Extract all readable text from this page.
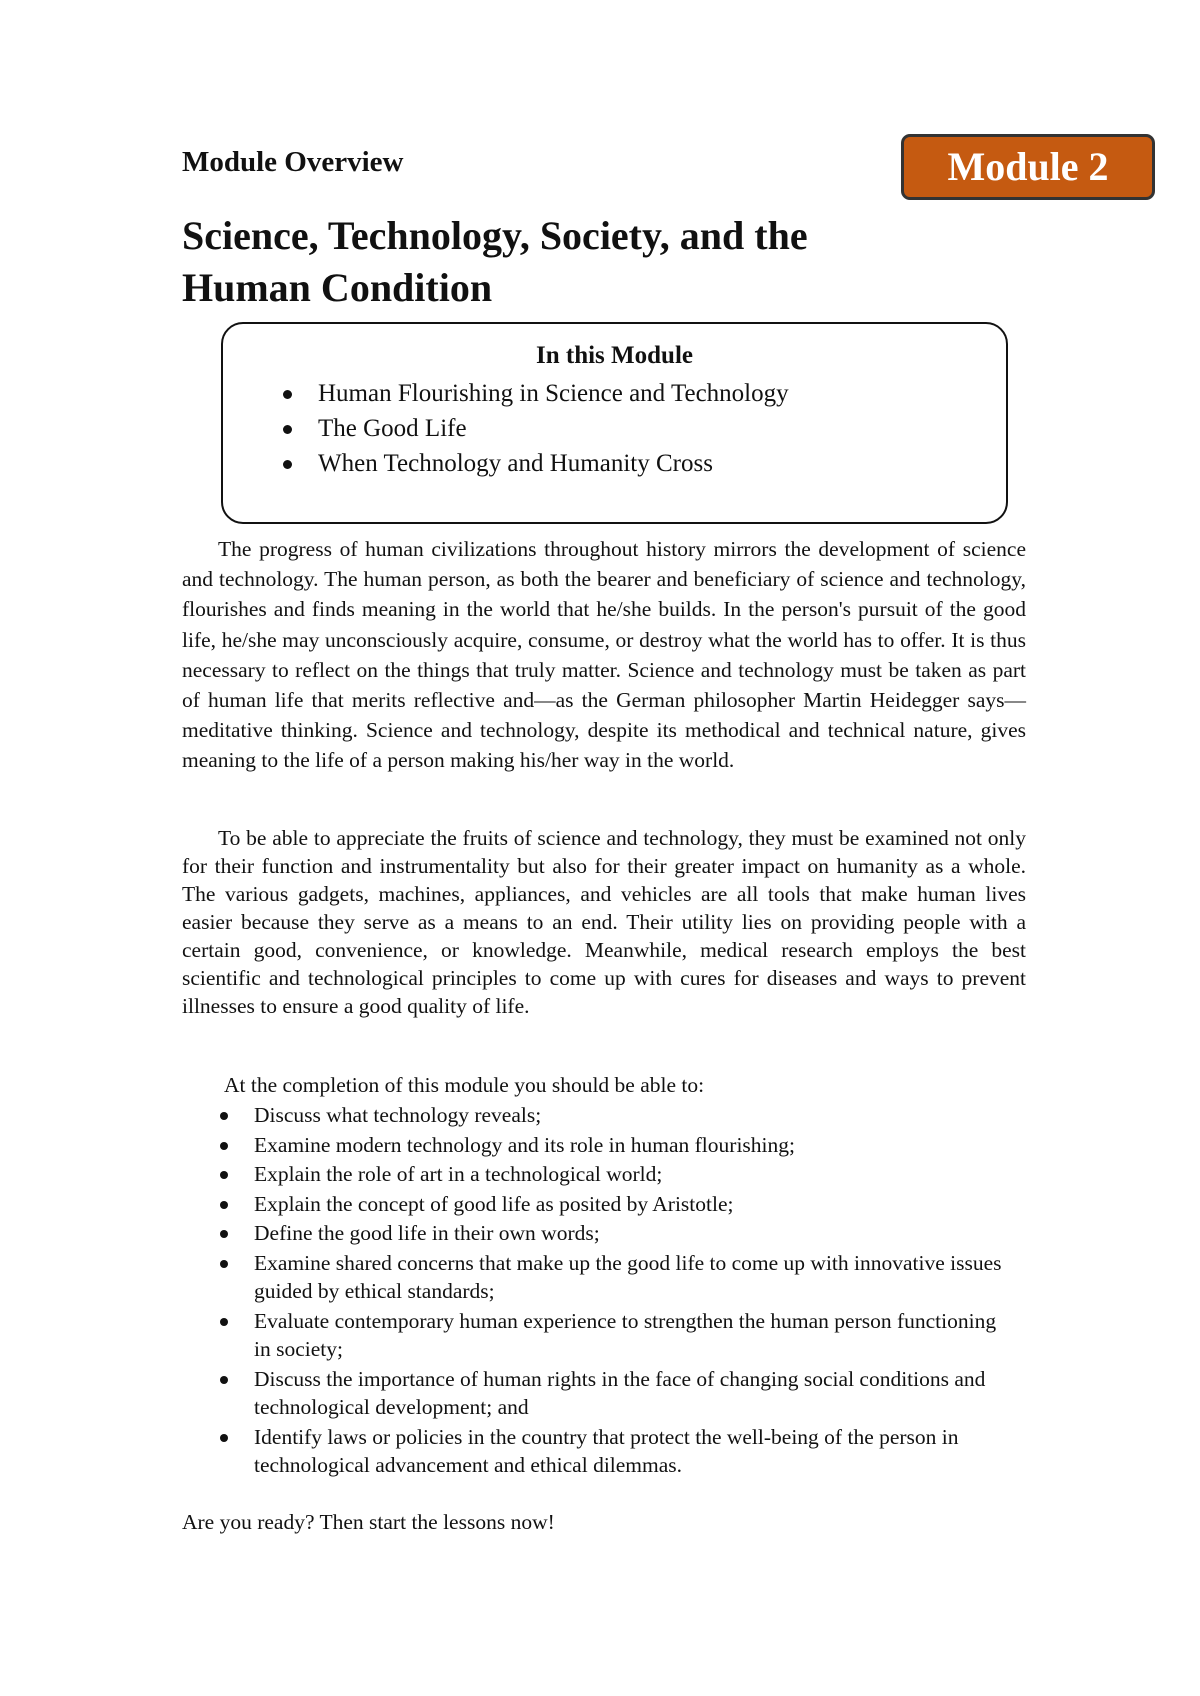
Module Overview	Module 2
Science, Technology, Society, and the Human Condition
In this Module
Human Flourishing in Science and Technology
The Good Life
When Technology and Humanity Cross

The progress of human civilizations throughout history mirrors the development of science and technology. The human person, as both the bearer and beneficiary of science and technology, flourishes and finds meaning in the world that he/she builds. In the person's pursuit of the good life, he/she may unconsciously acquire, consume, or destroy what the world has to offer. It is thus necessary to reflect on the things that truly matter. Science and technology must be taken as part of human life that merits reflective and—as the German philosopher Martin Heidegger says—meditative thinking. Science and technology, despite its methodical and technical nature, gives meaning to the life of a person making his/her way in the world.

To be able to appreciate the fruits of science and technology, they must be examined not only for their function and instrumentality but also for their greater impact on humanity as a whole. The various gadgets, machines, appliances, and vehicles are all tools that make human lives easier because they serve as a means to an end. Their utility lies on providing people with a certain good, convenience, or knowledge. Meanwhile, medical research employs the best scientific and technological principles to come up with cures for diseases and ways to prevent illnesses to ensure a good quality of life.

At the completion of this module you should be able to:

Discuss what technology reveals;
Examine modern technology and its role in human flourishing;
Explain the role of art in a technological world;
Explain the concept of good life as posited by Aristotle;
Define the good life in their own words;
Examine shared concerns that make up the good life to come up with innovative issues guided by ethical standards;
Evaluate contemporary human experience to strengthen the human person functioning in society;
Discuss the importance of human rights in the face of changing social conditions and technological development; and
Identify laws or policies in the country that protect the well-being of the person in technological advancement and ethical dilemmas.

Are you ready? Then start the lessons now!
